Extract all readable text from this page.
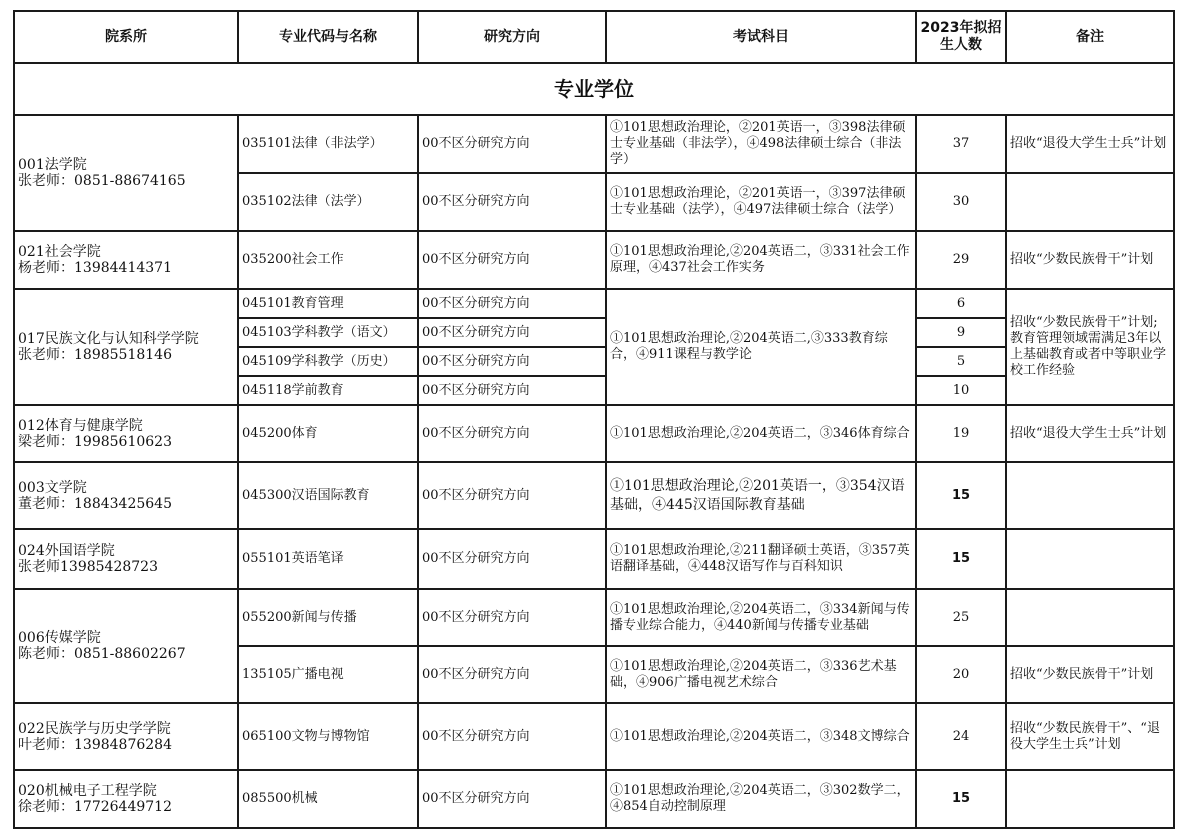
院系所	专业代码与名称	研究方向	考试科目	2023年拟招
生人数	备注
专业学位					

001法学院
张老师：0851-88674165	035101法律（非法学）	00不区分研究方向	①101思想政治理论，②201英语一，③398法律硕士专业基础（非法学），④498法律硕士综合（非法学）	37	招收“退役大学生士兵”计划
	035102法律（法学）	00不区分研究方向	①101思想政治理论，②201英语一，③397法律硕士专业基础（法学），④497法律硕士综合（法学）	30	

021社会学院
杨老师：13984414371	035200社会工作	00不区分研究方向	①101思想政治理论,②204英语二，③331社会工作原理，④437社会工作实务	29	招收“少数民族骨干”计划

017民族文化与认知科学学院
张老师：18985518146	045101教育管理	00不区分研究方向	①101思想政治理论,②204英语二,③333教育综合，④911课程与教学论	6	招收“少数民族骨干”计划;教育管理领域需满足3年以上基础教育或者中等职业学校工作经验
	045103学科教学（语文）	00不区分研究方向		9	
	045109学科教学（历史）	00不区分研究方向		5	
	045118学前教育	00不区分研究方向		10	

012体育与健康学院
梁老师：19985610623	045200体育	00不区分研究方向	①101思想政治理论,②204英语二，③346体育综合	19	招收“退役大学生士兵”计划

003文学院
董老师：18843425645	045300汉语国际教育	00不区分研究方向	①101思想政治理论,②201英语一，③354汉语基础，④445汉语国际教育基础	15	

024外国语学院
张老师13985428723	055101英语笔译	00不区分研究方向	①101思想政治理论,②211翻译硕士英语，③357英语翻译基础，④448汉语写作与百科知识	15	

006传媒学院
陈老师：0851-88602267	055200新闻与传播	00不区分研究方向	①101思想政治理论,②204英语二，③334新闻与传播专业综合能力，④440新闻与传播专业基础	25	
	135105广播电视	00不区分研究方向	①101思想政治理论,②204英语二，③336艺术基础，④906广播电视艺术综合	20	招收“少数民族骨干”计划

022民族学与历史学学院
叶老师：13984876284	065100文物与博物馆	00不区分研究方向	①101思想政治理论,②204英语二，③348文博综合	24	招收“少数民族骨干”、“退役大学生士兵”计划

020机械电子工程学院
徐老师：17726449712	085500机械	00不区分研究方向	①101思想政治理论,②204英语二，③302数学二，④854自动控制原理	15	
